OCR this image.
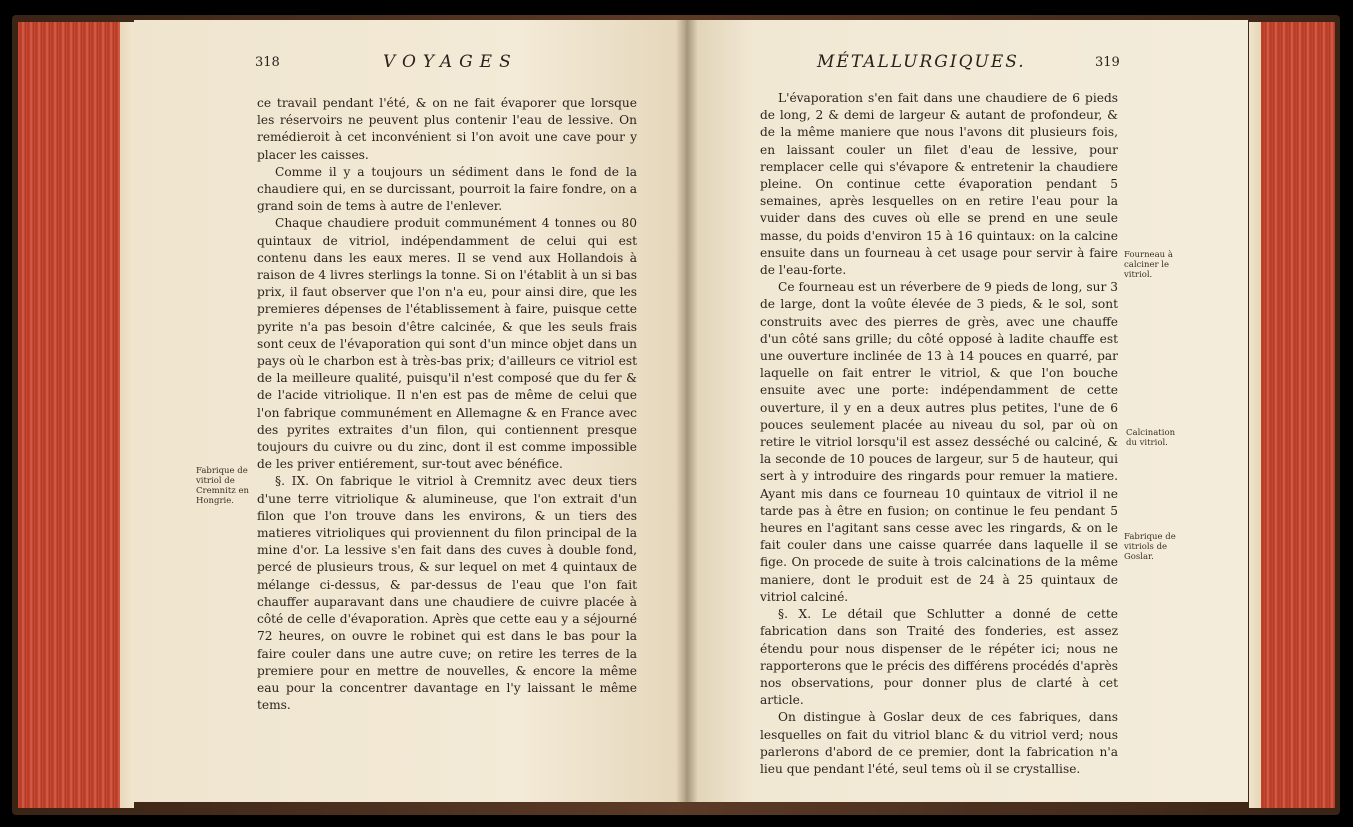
318	VOYAGES

ce travail pendant l'été, & on ne fait évaporer que lorsque les réservoirs ne peuvent plus contenir l'eau de lessive. On remédieroit à cet inconvénient si l'on avoit une cave pour y placer les caisses.

Comme il y a toujours un sédiment dans le fond de la chaudiere qui, en se durcissant, pourroit la faire fondre, on a grand soin de tems à autre de l'enlever.

Chaque chaudiere produit communément 4 tonnes ou 80 quintaux de vitriol, indépendamment de celui qui est contenu dans les eaux meres. Il se vend aux Hollandois à raison de 4 livres sterlings la tonne. Si on l'établit à un si bas prix, il faut observer que l'on n'a eu, pour ainsi dire, que les premieres dépenses de l'établissement à faire, puisque cette pyrite n'a pas besoin d'être calcinée, & que les seuls frais sont ceux de l'évaporation qui sont d'un mince objet dans un pays où le charbon est à très-bas prix; d'ailleurs ce vitriol est de la meilleure qualité, puisqu'il n'est composé que du fer & de l'acide vitriolique. Il n'en est pas de même de celui que l'on fabrique communément en Allemagne & en France avec des pyrites extraites d'un filon, qui contiennent presque toujours du cuivre ou du zinc, dont il est comme impossible de les priver entiérement, sur-tout avec bénéfice.

§. IX. On fabrique le vitriol à Cremnitz avec deux tiers d'une terre vitriolique & alumineuse, que l'on extrait d'un filon que l'on trouve dans les environs, & un tiers des matieres vitrioliques qui proviennent du filon principal de la mine d'or. La lessive s'en fait dans des cuves à double fond, percé de plusieurs trous, & sur lequel on met 4 quintaux de mélange ci-dessus, & par-dessus de l'eau que l'on fait chauffer auparavant dans une chaudiere de cuivre placée à côté de celle d'évaporation. Après que cette eau y a séjourné 72 heures, on ouvre le robinet qui est dans le bas pour la faire couler dans une autre cuve; on retire les terres de la premiere pour en mettre de nouvelles, & encore la même eau pour la concentrer davantage en l'y laissant le même tems.

Fabrique de vitriol de Cremnitz en Hongrie.
MÉTALLURGIQUES.	319

L'évaporation s'en fait dans une chaudiere de 6 pieds de long, 2 & demi de largeur & autant de profondeur, & de la même maniere que nous l'avons dit plusieurs fois, en laissant couler un filet d'eau de lessive, pour remplacer celle qui s'évapore & entretenir la chaudiere pleine. On continue cette évaporation pendant 5 semaines, après lesquelles on en retire l'eau pour la vuider dans des cuves où elle se prend en une seule masse, du poids d'environ 15 à 16 quintaux: on la calcine ensuite dans un fourneau à cet usage pour servir à faire de l'eau-forte.

Ce fourneau est un réverbere de 9 pieds de long, sur 3 de large, dont la voûte élevée de 3 pieds, & le sol, sont construits avec des pierres de grès, avec une chauffe d'un côté sans grille; du côté opposé à ladite chauffe est une ouverture inclinée de 13 à 14 pouces en quarré, par laquelle on fait entrer le vitriol, & que l'on bouche ensuite avec une porte: indépendamment de cette ouverture, il y en a deux autres plus petites, l'une de 6 pouces seulement placée au niveau du sol, par où on retire le vitriol lorsqu'il est assez desséché ou calciné, & la seconde de 10 pouces de largeur, sur 5 de hauteur, qui sert à y introduire des ringards pour remuer la matiere. Ayant mis dans ce fourneau 10 quintaux de vitriol il ne tarde pas à être en fusion; on continue le feu pendant 5 heures en l'agitant sans cesse avec les ringards, & on le fait couler dans une caisse quarrée dans laquelle il se fige. On procede de suite à trois calcinations de la même maniere, dont le produit est de 24 à 25 quintaux de vitriol calciné.

§. X. Le détail que Schlutter a donné de cette fabrication dans son Traité des fonderies, est assez étendu pour nous dispenser de le répéter ici; nous ne rapporterons que le précis des différens procédés d'après nos observations, pour donner plus de clarté à cet article.

On distingue à Goslar deux de ces fabriques, dans lesquelles on fait du vitriol blanc & du vitriol verd; nous parlerons d'abord de ce premier, dont la fabrication n'a lieu que pendant l'été, seul tems où il se crystallise.

Fourneau à calciner le vitriol.
Calcination du vitriol.
Fabrique de vitriols de Goslar.
